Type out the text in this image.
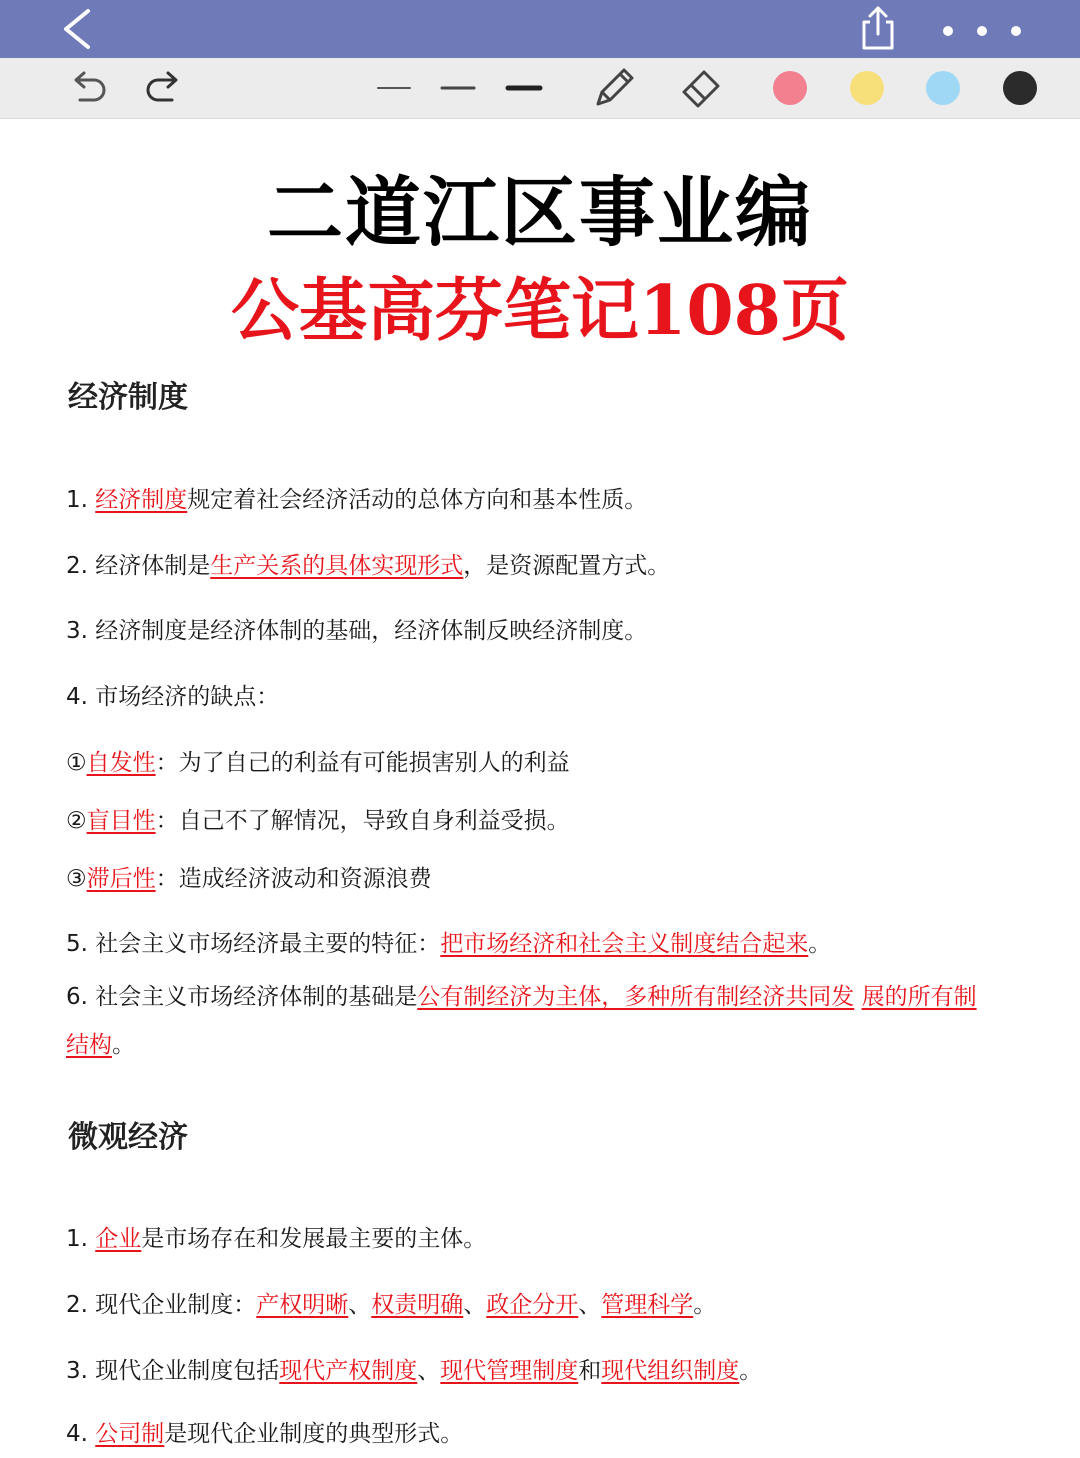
二道江区事业编
公基高芬笔记108页
经济制度
1. 经济制度规定着社会经济活动的总体方向和基本性质。
2. 经济体制是生产关系的具体实现形式，是资源配置方式。
3. 经济制度是经济体制的基础，经济体制反映经济制度。
4. 市场经济的缺点：
①自发性：为了自己的利益有可能损害别人的利益
②盲目性：自己不了解情况，导致自身利益受损。
③滞后性：造成经济波动和资源浪费
5. 社会主义市场经济最主要的特征：把市场经济和社会主义制度结合起来。
6. 社会主义市场经济体制的基础是公有制经济为主体，多种所有制经济共同发 展的所有制结构。
微观经济
1. 企业是市场存在和发展最主要的主体。
2. 现代企业制度：产权明晰、权责明确、政企分开、管理科学。
3. 现代企业制度包括现代产权制度、现代管理制度和现代组织制度。
4. 公司制是现代企业制度的典型形式。
